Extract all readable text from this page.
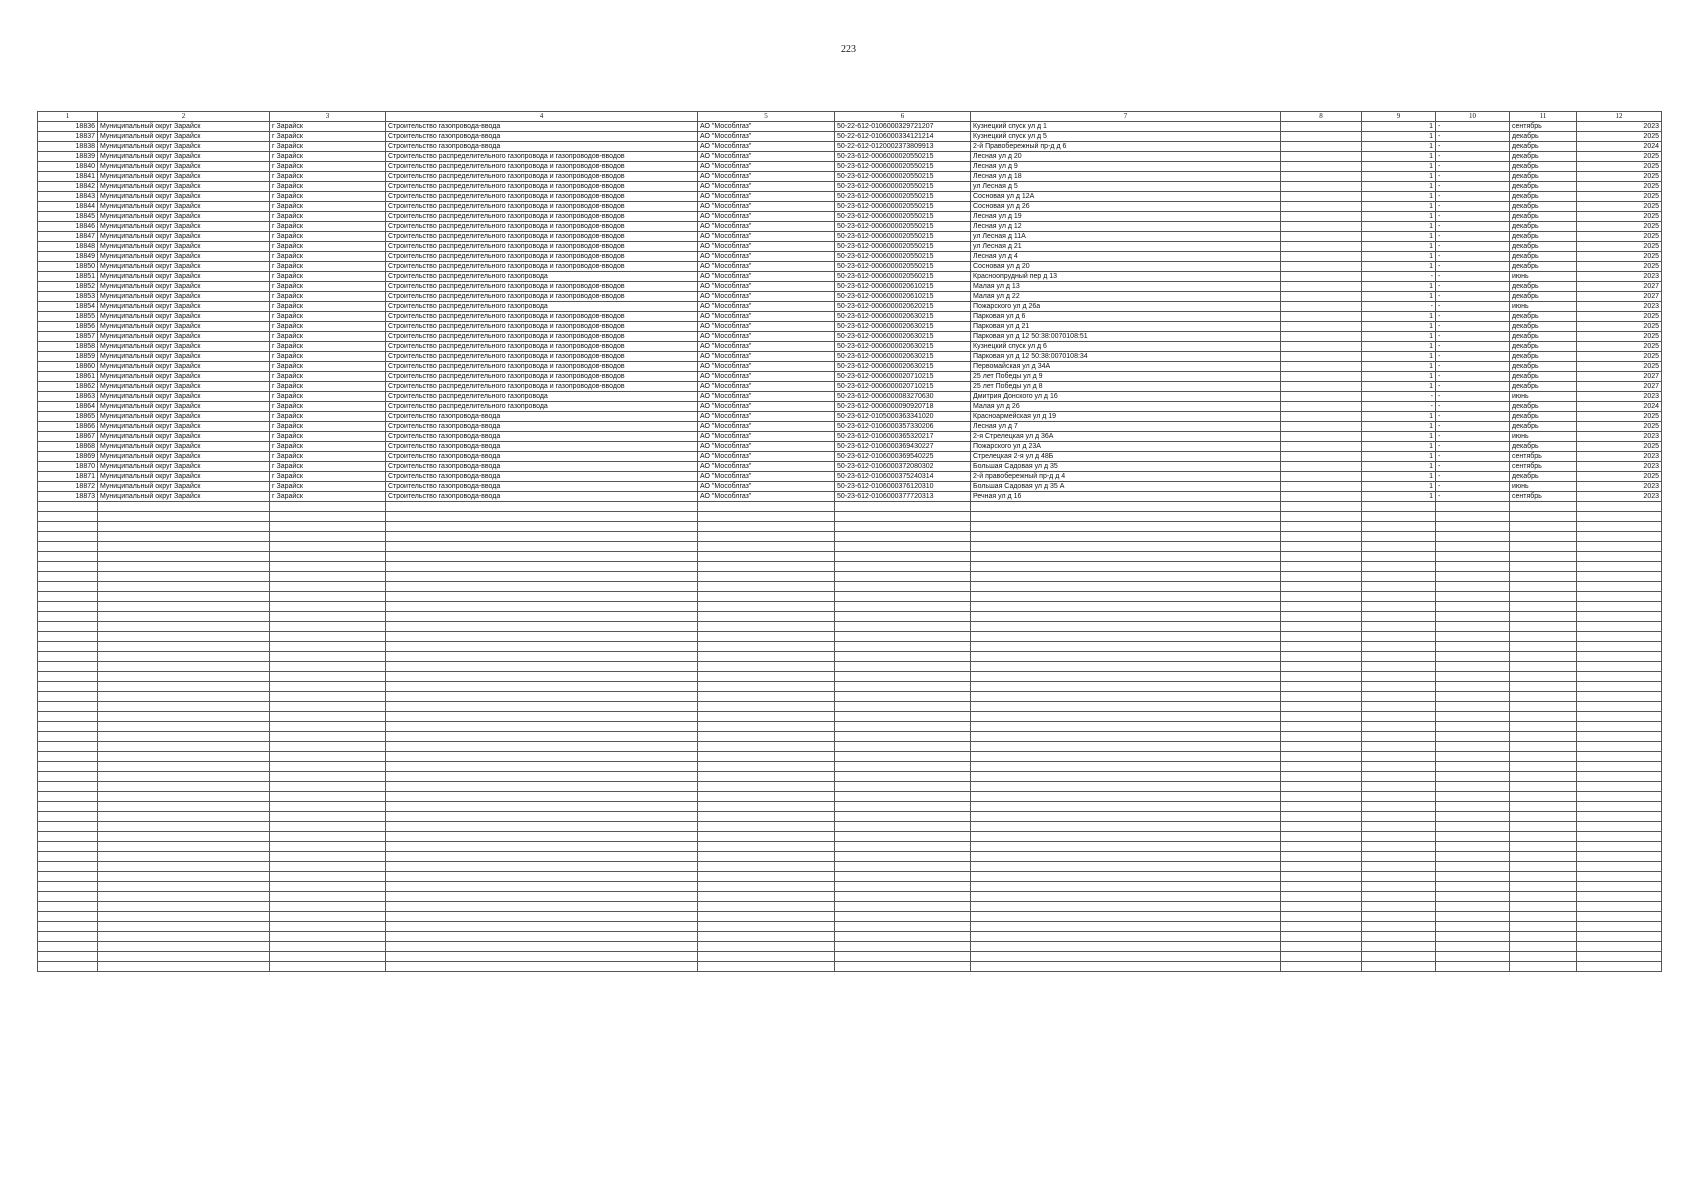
223
1	2	3	4	5	6	7	8	9	10	11	12
18836	Муниципальный округ Зарайск	г Зарайск	Строительство газопровода-ввода	АО "Мособлгаз"	50-22-612-0106000329721207	Кузнецкий спуск ул д 1		1	-	сентябрь	2023
18837	Муниципальный округ Зарайск	г Зарайск	Строительство газопровода-ввода	АО "Мособлгаз"	50-22-612-0106000334121214	Кузнецкий спуск ул д 5		1	-	декабрь	2025
18838	Муниципальный округ Зарайск	г Зарайск	Строительство газопровода-ввода	АО "Мособлгаз"	50-22-612-0120002373809913	2-й Правобережный пр-д д 6		1	-	декабрь	2024
18839	Муниципальный округ Зарайск	г Зарайск	Строительство распределительного газопровода и газопроводов-вводов	АО "Мособлгаз"	50-23-612-0006000020550215	Лесная ул д 20		1	-	декабрь	2025
18840	Муниципальный округ Зарайск	г Зарайск	Строительство распределительного газопровода и газопроводов-вводов	АО "Мособлгаз"	50-23-612-0006000020550215	Лесная ул д 9		1	-	декабрь	2025
18841	Муниципальный округ Зарайск	г Зарайск	Строительство распределительного газопровода и газопроводов-вводов	АО "Мособлгаз"	50-23-612-0006000020550215	Лесная ул д 18		1	-	декабрь	2025
18842	Муниципальный округ Зарайск	г Зарайск	Строительство распределительного газопровода и газопроводов-вводов	АО "Мособлгаз"	50-23-612-0006000020550215	ул Лесная д 5		1	-	декабрь	2025
18843	Муниципальный округ Зарайск	г Зарайск	Строительство распределительного газопровода и газопроводов-вводов	АО "Мособлгаз"	50-23-612-0006000020550215	Сосновая ул д 12А		1	-	декабрь	2025
18844	Муниципальный округ Зарайск	г Зарайск	Строительство распределительного газопровода и газопроводов-вводов	АО "Мособлгаз"	50-23-612-0006000020550215	Сосновая ул д 26		1	-	декабрь	2025
18845	Муниципальный округ Зарайск	г Зарайск	Строительство распределительного газопровода и газопроводов-вводов	АО "Мособлгаз"	50-23-612-0006000020550215	Лесная ул д 19		1	-	декабрь	2025
18846	Муниципальный округ Зарайск	г Зарайск	Строительство распределительного газопровода и газопроводов-вводов	АО "Мособлгаз"	50-23-612-0006000020550215	Лесная ул д 12		1	-	декабрь	2025
18847	Муниципальный округ Зарайск	г Зарайск	Строительство распределительного газопровода и газопроводов-вводов	АО "Мособлгаз"	50-23-612-0006000020550215	ул Лесная д 11А		1	-	декабрь	2025
18848	Муниципальный округ Зарайск	г Зарайск	Строительство распределительного газопровода и газопроводов-вводов	АО "Мособлгаз"	50-23-612-0006000020550215	ул Лесная д 21		1	-	декабрь	2025
18849	Муниципальный округ Зарайск	г Зарайск	Строительство распределительного газопровода и газопроводов-вводов	АО "Мособлгаз"	50-23-612-0006000020550215	Лесная ул д 4		1	-	декабрь	2025
18850	Муниципальный округ Зарайск	г Зарайск	Строительство распределительного газопровода и газопроводов-вводов	АО "Мособлгаз"	50-23-612-0006000020550215	Сосновая ул д 20		1	-	декабрь	2025
18851	Муниципальный округ Зарайск	г Зарайск	Строительство распределительного газопровода	АО "Мособлгаз"	50-23-612-0006000020560215	Красноопрудный пер д 13		-	-	июнь	2023
18852	Муниципальный округ Зарайск	г Зарайск	Строительство распределительного газопровода и газопроводов-вводов	АО "Мособлгаз"	50-23-612-0006000020610215	Малая ул д 13		1	-	декабрь	2027
18853	Муниципальный округ Зарайск	г Зарайск	Строительство распределительного газопровода и газопроводов-вводов	АО "Мособлгаз"	50-23-612-0006000020610215	Малая ул д 22		1	-	декабрь	2027
18854	Муниципальный округ Зарайск	г Зарайск	Строительство распределительного газопровода	АО "Мособлгаз"	50-23-612-0006000020620215	Пожарского ул д 26а		-	-	июнь	2023
18855	Муниципальный округ Зарайск	г Зарайск	Строительство распределительного газопровода и газопроводов-вводов	АО "Мособлгаз"	50-23-612-0006000020630215	Парковая ул д 6		1	-	декабрь	2025
18856	Муниципальный округ Зарайск	г Зарайск	Строительство распределительного газопровода и газопроводов-вводов	АО "Мособлгаз"	50-23-612-0006000020630215	Парковая ул д 21		1	-	декабрь	2025
18857	Муниципальный округ Зарайск	г Зарайск	Строительство распределительного газопровода и газопроводов-вводов	АО "Мособлгаз"	50-23-612-0006000020630215	Парковая ул д 12 50:38:0070108:51		1	-	декабрь	2025
18858	Муниципальный округ Зарайск	г Зарайск	Строительство распределительного газопровода и газопроводов-вводов	АО "Мособлгаз"	50-23-612-0006000020630215	Кузнецкий спуск ул д 6		1	-	декабрь	2025
18859	Муниципальный округ Зарайск	г Зарайск	Строительство распределительного газопровода и газопроводов-вводов	АО "Мособлгаз"	50-23-612-0006000020630215	Парковая ул д 12 50:38:0070108:34		1	-	декабрь	2025
18860	Муниципальный округ Зарайск	г Зарайск	Строительство распределительного газопровода и газопроводов-вводов	АО "Мособлгаз"	50-23-612-0006000020630215	Первомайская ул д 34А		1	-	декабрь	2025
18861	Муниципальный округ Зарайск	г Зарайск	Строительство распределительного газопровода и газопроводов-вводов	АО "Мособлгаз"	50-23-612-0006000020710215	25 лет Победы ул д 9		1	-	декабрь	2027
18862	Муниципальный округ Зарайск	г Зарайск	Строительство распределительного газопровода и газопроводов-вводов	АО "Мособлгаз"	50-23-612-0006000020710215	25 лет Победы ул д 8		1	-	декабрь	2027
18863	Муниципальный округ Зарайск	г Зарайск	Строительство распределительного газопровода	АО "Мособлгаз"	50-23-612-0006000083270630	Дмитрия Донского ул д 16		-	-	июнь	2023
18864	Муниципальный округ Зарайск	г Зарайск	Строительство распределительного газопровода	АО "Мособлгаз"	50-23-612-0006000090920718	Малая ул д 26		-	-	декабрь	2024
18865	Муниципальный округ Зарайск	г Зарайск	Строительство газопровода-ввода	АО "Мособлгаз"	50-23-612-0105000363341020	Красноармейская ул д 19		1	-	декабрь	2025
18866	Муниципальный округ Зарайск	г Зарайск	Строительство газопровода-ввода	АО "Мособлгаз"	50-23-612-0106000357330206	Лесная ул д 7		1	-	декабрь	2025
18867	Муниципальный округ Зарайск	г Зарайск	Строительство газопровода-ввода	АО "Мособлгаз"	50-23-612-0106000365320217	2-я Стрелецкая ул д 36А		1	-	июнь	2023
18868	Муниципальный округ Зарайск	г Зарайск	Строительство газопровода-ввода	АО "Мособлгаз"	50-23-612-0106000369430227	Пожарского ул д 23А		1	-	декабрь	2025
18869	Муниципальный округ Зарайск	г Зарайск	Строительство газопровода-ввода	АО "Мособлгаз"	50-23-612-0106000369540225	Стрелецкая 2-я ул д 48Б		1	-	сентябрь	2023
18870	Муниципальный округ Зарайск	г Зарайск	Строительство газопровода-ввода	АО "Мособлгаз"	50-23-612-0106000372080302	Большая Садовая ул д 35		1	-	сентябрь	2023
18871	Муниципальный округ Зарайск	г Зарайск	Строительство газопровода-ввода	АО "Мособлгаз"	50-23-612-0106000375240314	2-й правобережный пр-д д 4		1	-	декабрь	2025
18872	Муниципальный округ Зарайск	г Зарайск	Строительство газопровода-ввода	АО "Мособлгаз"	50-23-612-0106000376120310	Большая Садовая ул д 35 А		1	-	июнь	2023
18873	Муниципальный округ Зарайск	г Зарайск	Строительство газопровода-ввода	АО "Мособлгаз"	50-23-612-0106000377720313	Речная ул д 16		1	-	сентябрь	2023
